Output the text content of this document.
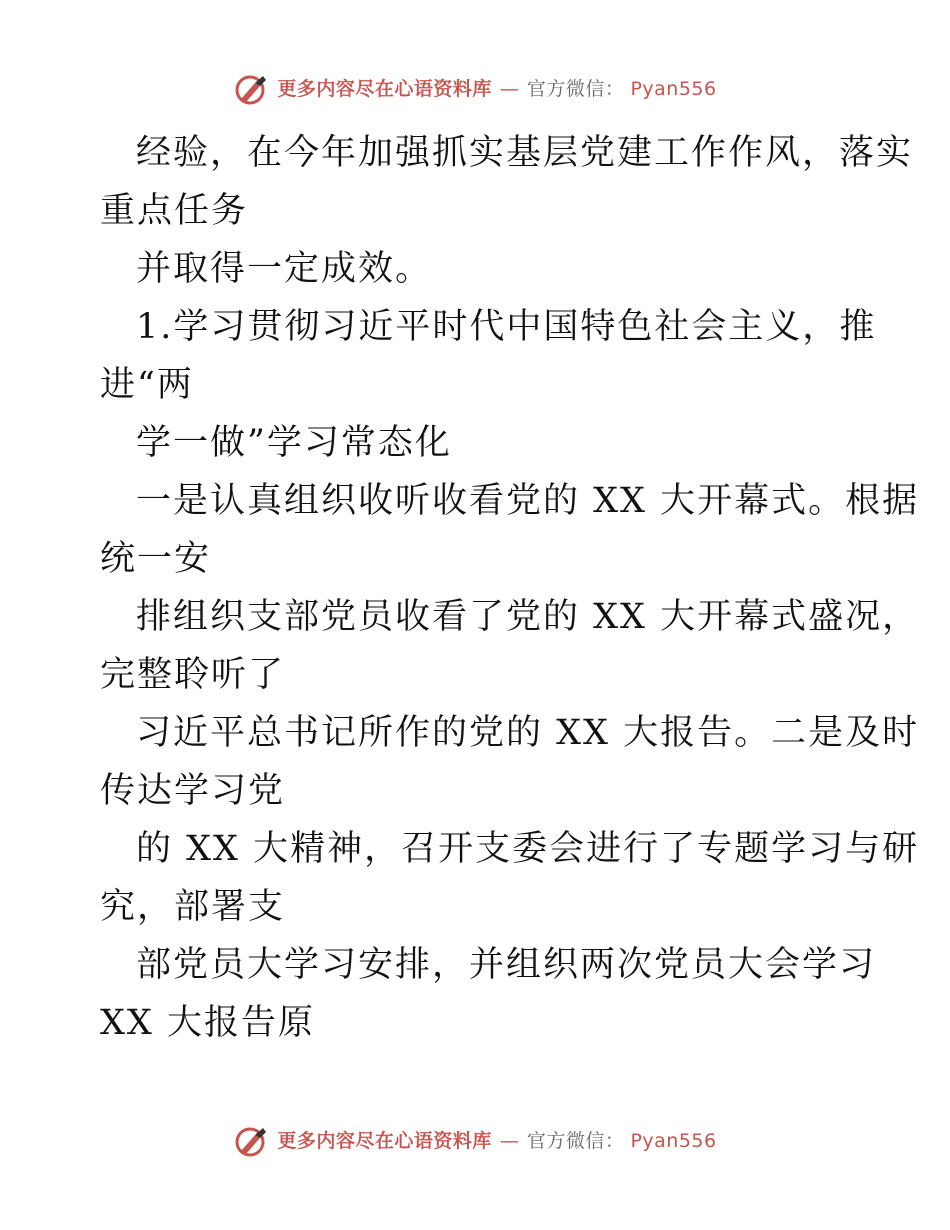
更多内容尽在心语资料库 — 官方微信： Pyan556
经验，在今年加强抓实基层党建工作作风，落实
重点任务
并取得一定成效。
1.学习贯彻习近平时代中国特色社会主义，推
进“两
学一做”学习常态化
一是认真组织收听收看党的 XX 大开幕式。根据
统一安
排组织支部党员收看了党的 XX 大开幕式盛况，
完整聆听了
习近平总书记所作的党的 XX 大报告。二是及时
传达学习党
的 XX 大精神，召开支委会进行了专题学习与研
究，部署支
部党员大学习安排，并组织两次党员大会学习
XX 大报告原
更多内容尽在心语资料库 — 官方微信： Pyan556
